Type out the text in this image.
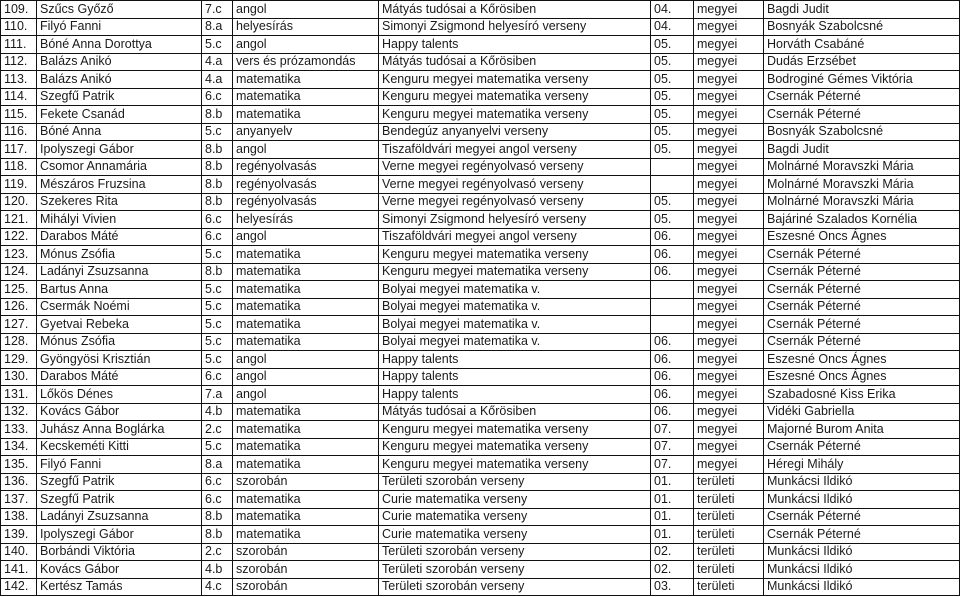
109.	Szűcs Győző	7.c	angol	Mátyás tudósai a Kőrösiben	04.	megyei	Bagdi Judit
110.	Filyó Fanni	8.a	helyesírás	Simonyi Zsigmond helyesíró verseny	04.	megyei	Bosnyák Szabolcsné
111.	Bóné Anna Dorottya	5.c	angol	Happy talents	05.	megyei	Horváth Csabáné
112.	Balázs Anikó	4.a	vers és prózamondás	Mátyás tudósai a Kőrösiben	05.	megyei	Dudás Erzsébet
113.	Balázs Anikó	4.a	matematika	Kenguru megyei matematika verseny	05.	megyei	Bodroginé Gémes Viktória
114.	Szegfű Patrik	6.c	matematika	Kenguru megyei matematika verseny	05.	megyei	Csernák Péterné
115.	Fekete Csanád	8.b	matematika	Kenguru megyei matematika verseny	05.	megyei	Csernák Péterné
116.	Bóné Anna	5.c	anyanyelv	Bendegúz anyanyelvi verseny	05.	megyei	Bosnyák Szabolcsné
117.	Ipolyszegi Gábor	8.b	angol	Tiszaföldvári megyei angol verseny	05.	megyei	Bagdi Judit
118.	Csomor Annamária	8.b	regényolvasás	Verne megyei regényolvasó verseny		megyei	Molnárné Moravszki Mária
119.	Mészáros Fruzsina	8.b	regényolvasás	Verne megyei regényolvasó verseny		megyei	Molnárné Moravszki Mária
120.	Szekeres Rita	8.b	regényolvasás	Verne megyei regényolvasó verseny	05.	megyei	Molnárné Moravszki Mária
121.	Mihályi Vivien	6.c	helyesírás	Simonyi Zsigmond helyesíró verseny	05.	megyei	Bajáriné Szalados Kornélia
122.	Darabos Máté	6.c	angol	Tiszaföldvári megyei angol verseny	06.	megyei	Eszesné Oncs Ágnes
123.	Mónus Zsófia	5.c	matematika	Kenguru megyei matematika verseny	06.	megyei	Csernák Péterné
124.	Ladányi Zsuzsanna	8.b	matematika	Kenguru megyei matematika verseny	06.	megyei	Csernák Péterné
125.	Bartus Anna	5.c	matematika	Bolyai megyei matematika v.		megyei	Csernák Péterné
126.	Csermák Noémi	5.c	matematika	Bolyai megyei matematika v.		megyei	Csernák Péterné
127.	Gyetvai Rebeka	5.c	matematika	Bolyai megyei matematika v.		megyei	Csernák Péterné
128.	Mónus Zsófia	5.c	matematika	Bolyai megyei matematika v.	06.	megyei	Csernák Péterné
129.	Gyöngyösi Krisztián	5.c	angol	Happy talents	06.	megyei	Eszesné Oncs Ágnes
130.	Darabos Máté	6.c	angol	Happy talents	06.	megyei	Eszesné Oncs Ágnes
131.	Lőkös Dénes	7.a	angol	Happy talents	06.	megyei	Szabadosné Kiss Erika
132.	Kovács Gábor	4.b	matematika	Mátyás tudósai a Kőrösiben	06.	megyei	Vidéki Gabriella
133.	Juhász Anna Boglárka	2.c	matematika	Kenguru megyei matematika verseny	07.	megyei	Majorné Burom Anita
134.	Kecskeméti Kitti	5.c	matematika	Kenguru megyei matematika verseny	07.	megyei	Csernák Péterné
135.	Filyó Fanni	8.a	matematika	Kenguru megyei matematika verseny	07.	megyei	Héregi Mihály
136.	Szegfű Patrik	6.c	szorobán	Területi szorobán verseny	01.	területi	Munkácsi Ildikó
137.	Szegfű Patrik	6.c	matematika	Curie matematika verseny	01.	területi	Munkácsi Ildikó
138.	Ladányi Zsuzsanna	8.b	matematika	Curie matematika verseny	01.	területi	Csernák Péterné
139.	Ipolyszegi Gábor	8.b	matematika	Curie matematika verseny	01.	területi	Csernák Péterné
140.	Borbándi Viktória	2.c	szorobán	Területi szorobán verseny	02.	területi	Munkácsi Ildikó
141.	Kovács Gábor	4.b	szorobán	Területi szorobán verseny	02.	területi	Munkácsi Ildikó
142.	Kertész Tamás	4.c	szorobán	Területi szorobán verseny	03.	területi	Munkácsi Ildikó
